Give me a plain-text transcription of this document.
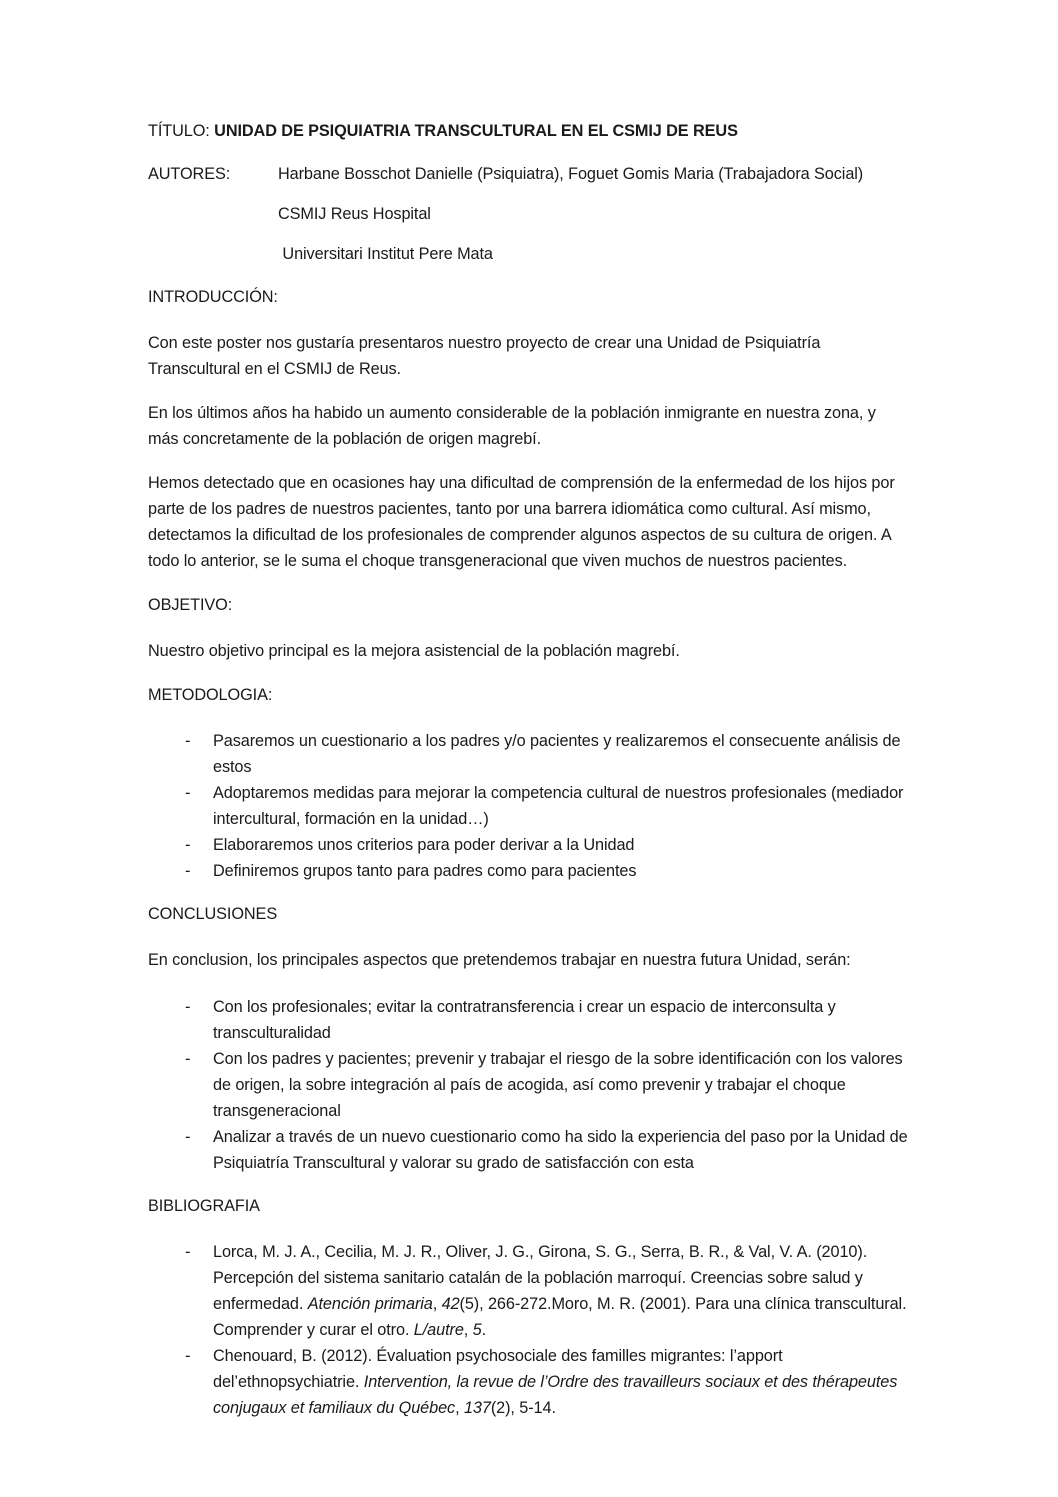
TÍTULO: UNIDAD DE PSIQUIATRIA TRANSCULTURAL EN EL CSMIJ DE REUS
AUTORES:	Harbane Bosschot Danielle (Psiquiatra), Foguet Gomis Maria (Trabajadora Social)
CSMIJ Reus Hospital
Universitari Institut Pere Mata
INTRODUCCIÓN:

Con este poster nos gustaría presentaros nuestro proyecto de crear una Unidad de Psiquiatría Transcultural en el CSMIJ de Reus.

En los últimos años ha habido un aumento considerable de la población inmigrante en nuestra zona, y más concretamente de la población de origen magrebí.

Hemos detectado que en ocasiones hay una dificultad de comprensión de la enfermedad de los hijos por parte de los padres de nuestros pacientes, tanto por una barrera idiomática como cultural. Así mismo, detectamos la dificultad de los profesionales de comprender algunos aspectos de su cultura de origen. A todo lo anterior, se le suma el choque transgeneracional que viven muchos de nuestros pacientes.

OBJETIVO:

Nuestro objetivo principal es la mejora asistencial de la población magrebí.

METODOLOGIA:
- Pasaremos un cuestionario a los padres y/o pacientes y realizaremos el consecuente análisis de estos
- Adoptaremos medidas para mejorar la competencia cultural de nuestros profesionales (mediador intercultural, formación en la unidad…)
- Elaboraremos unos criterios para poder derivar a la Unidad
- Definiremos grupos tanto para padres como para pacientes
CONCLUSIONES

En conclusion, los principales aspectos que pretendemos trabajar en nuestra futura Unidad, serán:

- Con los profesionales; evitar la contratransferencia i crear un espacio de interconsulta y transculturalidad
- Con los padres y pacientes; prevenir y trabajar el riesgo de la sobre identificación con los valores de origen, la sobre integración al país de acogida, así como prevenir y trabajar el choque transgeneracional
- Analizar a través de un nuevo cuestionario como ha sido la experiencia del paso por la Unidad de Psiquiatría Transcultural y valorar su grado de satisfacción con esta
BIBLIOGRAFIA
- Lorca, M. J. A., Cecilia, M. J. R., Oliver, J. G., Girona, S. G., Serra, B. R., & Val, V. A. (2010). Percepción del sistema sanitario catalán de la población marroquí. Creencias sobre salud y enfermedad. Atención primaria, 42(5), 266-272.Moro, M. R. (2001). Para una clínica transcultural. Comprender y curar el otro. L/autre, 5.
- Chenouard, B. (2012). Évaluation psychosociale des familles migrantes: l’apport del’ethnopsychiatrie. Intervention, la revue de l’Ordre des travailleurs sociaux et des thérapeutes conjugaux et familiaux du Québec, 137(2), 5-14.
